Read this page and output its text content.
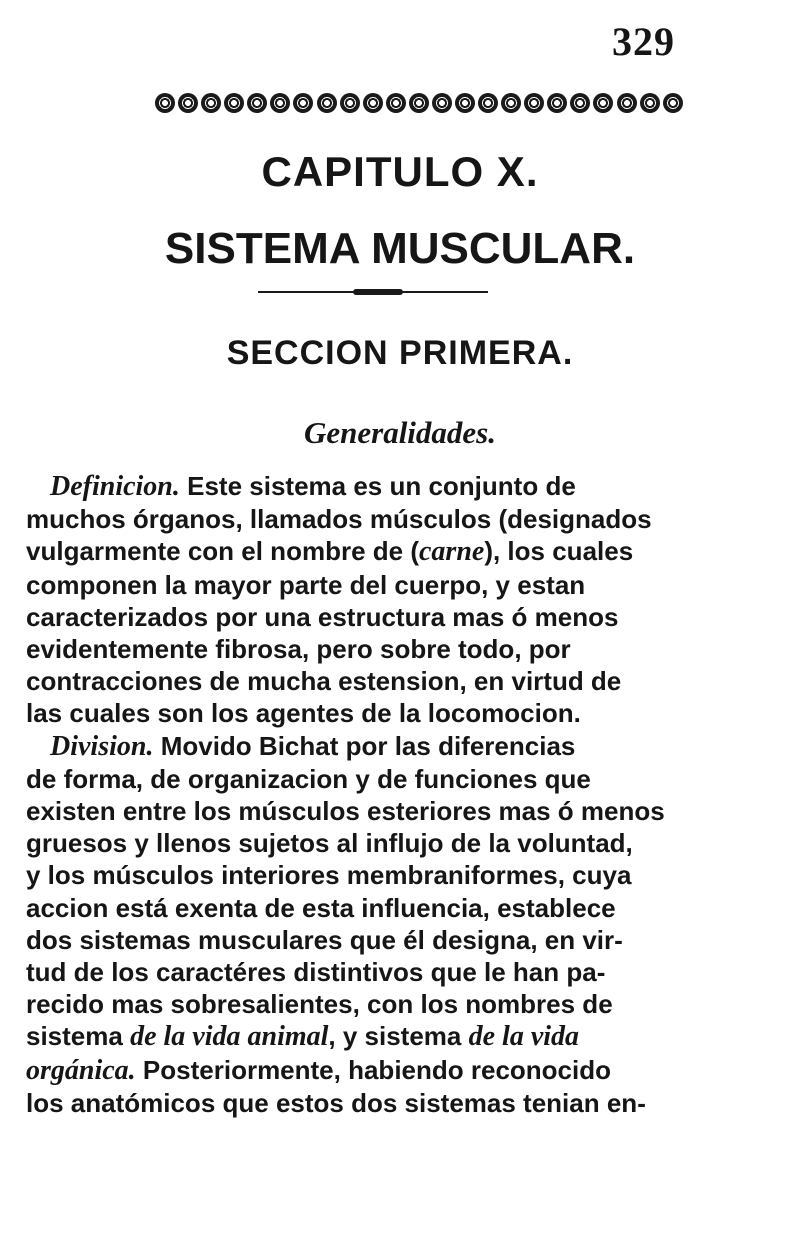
329
CAPITULO X.
SISTEMA MUSCULAR.
SECCION PRIMERA.
Generalidades.
Definicion. Este sistema es un conjunto de
muchos órganos, llamados músculos (designados
vulgarmente con el nombre de (carne), los cuales
componen la mayor parte del cuerpo, y estan
caracterizados por una estructura mas ó menos
evidentemente fibrosa, pero sobre todo, por
contracciones de mucha estension, en virtud de
las cuales son los agentes de la locomocion.
Division. Movido Bichat por las diferencias
de forma, de organizacion y de funciones que
existen entre los músculos esteriores mas ó menos
gruesos y llenos sujetos al influjo de la voluntad,
y los músculos interiores membraniformes, cuya
accion está exenta de esta influencia, establece
dos sistemas musculares que él designa, en vir-
tud de los caractéres distintivos que le han pa-
recido mas sobresalientes, con los nombres de
sistema de la vida animal, y sistema de la vida
orgánica. Posteriormente, habiendo reconocido
los anatómicos que estos dos sistemas tenian en-
